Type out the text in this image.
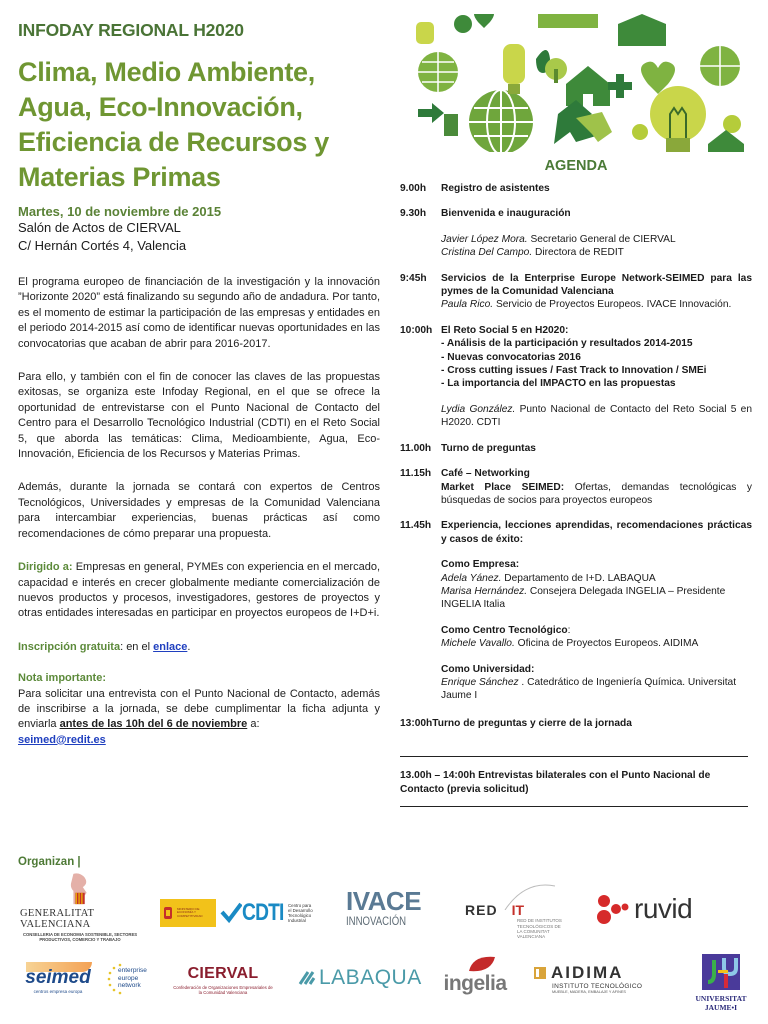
INFODAY REGIONAL H2020
Clima, Medio Ambiente,
Agua, Eco-Innovación,
Eficiencia de Recursos y
Materias Primas
Martes, 10 de noviembre de 2015
Salón de Actos de CIERVAL
C/ Hernán Cortés 4, Valencia

El programa europeo de financiación de la investigación y la innovación ”Horizonte 2020” está finalizando su segundo año de andadura. Por tanto, es el momento de estimar la participación de las empresas y entidades en el periodo 2014-2015 así como de identificar nuevas oportunidades en las convocatorias que acaban de abrir para 2016-2017.

Para ello, y también con el fin de conocer las claves de las propuestas exitosas, se organiza este Infoday Regional, en el que se ofrece la oportunidad de entrevistarse con el Punto Nacional de Contacto del Centro para el Desarrollo Tecnológico Industrial (CDTI) en el Reto Social 5, que aborda las temáticas: Clima, Medioambiente, Agua, Eco-Innovación, Eficiencia de los Recursos y Materias Primas.

Además, durante la jornada se contará con expertos de Centros Tecnológicos, Universidades y empresas de la Comunidad Valenciana para intercambiar experiencias, buenas prácticas así como recomendaciones de cómo preparar una propuesta.

Dirigido a: Empresas en general, PYMEs con experiencia en el mercado, capacidad e interés en crecer globalmente mediante comercialización de nuevos productos y procesos, investigadores, gestores de proyectos y otras entidades interesadas en participar en proyectos europeos de I+D+i.

Inscripción gratuita: en el enlace.

Nota importante:
Para solicitar una entrevista con el Punto Nacional de Contacto, además de inscribirse a la jornada, se debe cumplimentar la ficha adjunta y enviarla antes de las 10h del 6 de noviembre a:
seimed@redit.es

AGENDA
9.00h	Registro de asistentes
9.30h	Bienvenida e inauguración
Javier López Mora. Secretario General de CIERVAL
Cristina Del Campo. Directora de REDIT
9:45h	Servicios de la Enterprise Europe Network-SEIMED para las pymes de la Comunidad Valenciana
Paula Rico. Servicio de Proyectos Europeos. IVACE Innovación.
10:00h El Reto Social 5 en H2020:
- Análisis de la participación y resultados 2014-2015
- Nuevas convocatorias 2016
- Cross cutting issues / Fast Track to Innovation / SMEi
- La importancia del IMPACTO en las propuestas
Lydia González. Punto Nacional de Contacto del Reto Social 5 en H2020. CDTI
11.00h Turno de preguntas
11.15h Café – Networking
Market Place SEIMED: Ofertas, demandas tecnológicas y búsquedas de socios para proyectos europeos
11.45h Experiencia, lecciones aprendidas, recomendaciones prácticas y casos de éxito:
Como Empresa:
Adela Yánez. Departamento de I+D. LABAQUA
Marisa Hernández. Consejera Delegada INGELIA – Presidente INGELIA Italia
Como Centro Tecnológico:
Michele Vavallo. Oficina de Proyectos Europeos. AIDIMA
Como Universidad:
Enrique Sánchez . Catedrático de Ingeniería Química. Universitat Jaume I
13:00h Turno de preguntas y cierre de la jornada
13.00h – 14:00h Entrevistas bilaterales con el Punto Nacional de Contacto (previa solicitud)
Organizan |
GENERALITAT VALENCIANA
CONSELLERIA DE ECONOMIA SOSTENIBLE, SECTORES PRODUCTIVOS, COMERCIO Y TRABAJO
MINISTERIO DE ECONOMÍA Y COMPETITIVIDAD	CDTI Centro para el Desarrollo Tecnológico Industrial
IVACE
INNOVACIÓN
RED IT
RED DE INSTITUTOS TECNOLÓGICOS DE LA COMUNITAT VALENCIANA
ruvid
seimed
centros empresa europa
enterprise europe network
CIERVAL
Confederación de Organizaciones Empresariales de la Comunidad Valenciana
LABAQUA ingelia	AIDIMA
INSTITUTO TECNOLÓGICO
MUEBLE, MADERA, EMBALAJE Y AFINES
UNIVERSITAT
JAUME•I
